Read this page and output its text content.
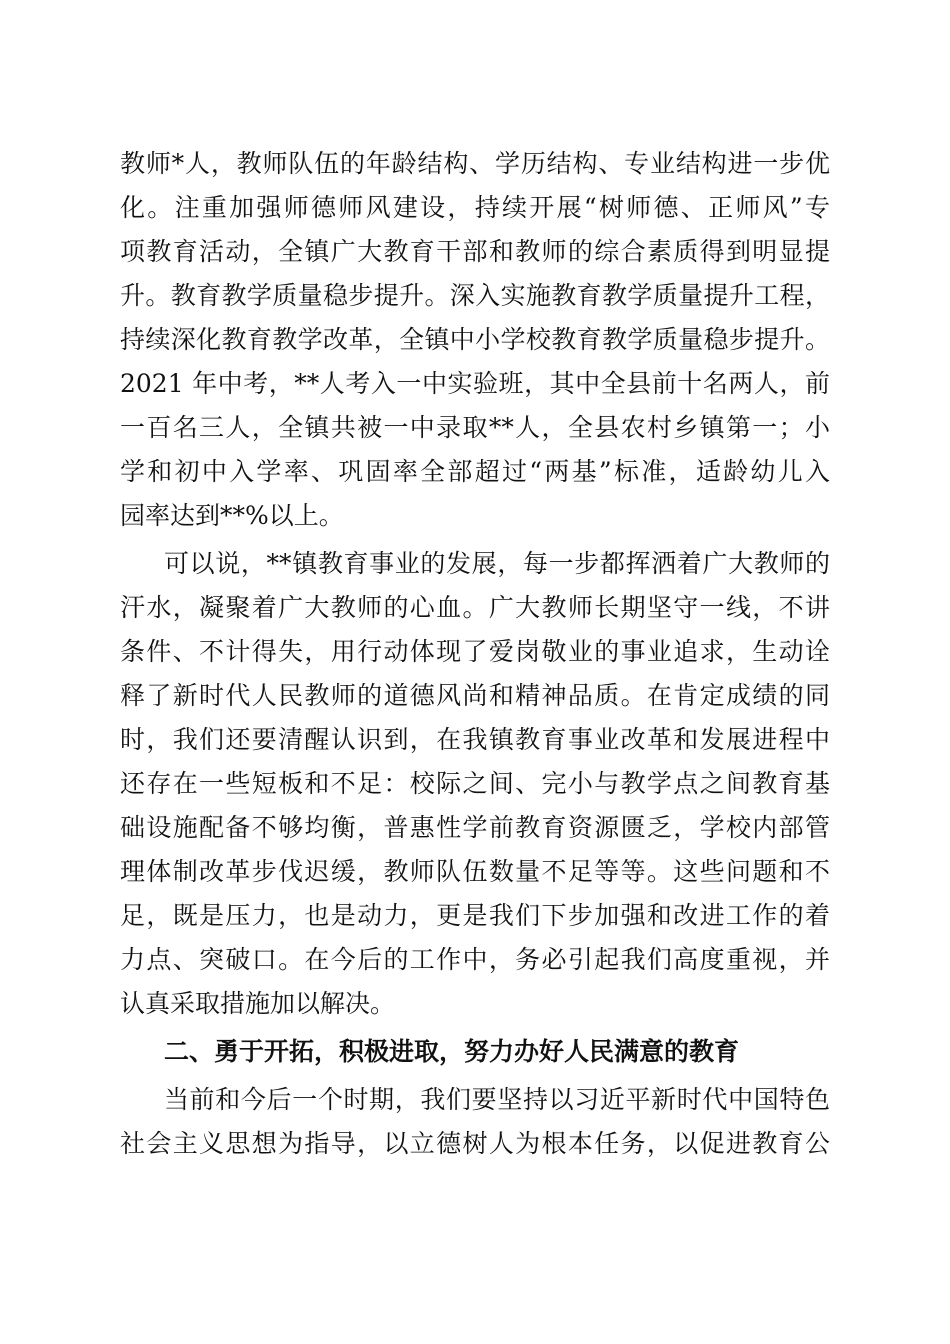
教师*人，教师队伍的年龄结构、学历结构、专业结构进一步优
化。注重加强师德师风建设，持续开展“树师德、正师风”专
项教育活动，全镇广大教育干部和教师的综合素质得到明显提
升。教育教学质量稳步提升。深入实施教育教学质量提升工程，
持续深化教育教学改革，全镇中小学校教育教学质量稳步提升。
2021 年中考，**人考入一中实验班，其中全县前十名两人，前
一百名三人，全镇共被一中录取**人，全县农村乡镇第一；小
学和初中入学率、巩固率全部超过“两基”标准，适龄幼儿入
园率达到**%以上。
可以说，**镇教育事业的发展，每一步都挥洒着广大教师的
汗水，凝聚着广大教师的心血。广大教师长期坚守一线，不讲
条件、不计得失，用行动体现了爱岗敬业的事业追求，生动诠
释了新时代人民教师的道德风尚和精神品质。在肯定成绩的同
时，我们还要清醒认识到，在我镇教育事业改革和发展进程中
还存在一些短板和不足：校际之间、完小与教学点之间教育基
础设施配备不够均衡，普惠性学前教育资源匮乏，学校内部管
理体制改革步伐迟缓，教师队伍数量不足等等。这些问题和不
足，既是压力，也是动力，更是我们下步加强和改进工作的着
力点、突破口。在今后的工作中，务必引起我们高度重视，并
认真采取措施加以解决。
二、勇于开拓，积极进取，努力办好人民满意的教育
当前和今后一个时期，我们要坚持以习近平新时代中国特色
社会主义思想为指导，以立德树人为根本任务，以促进教育公
